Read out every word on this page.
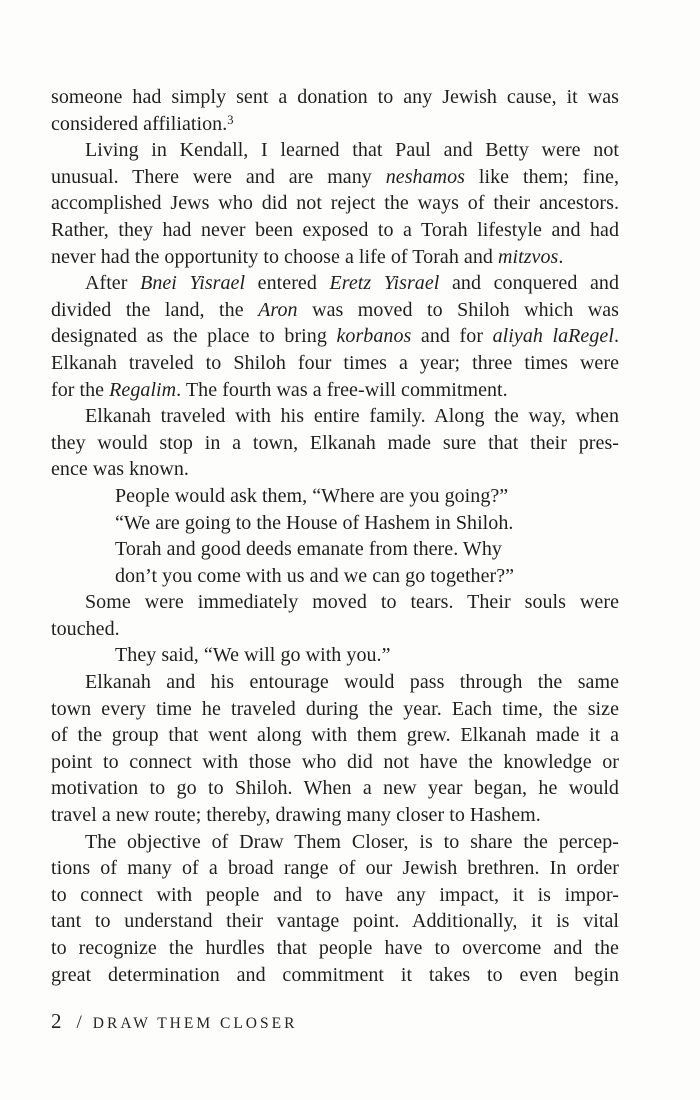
someone had simply sent a donation to any Jewish cause, it was
considered affiliation.$^3$
Living in Kendall, I learned that Paul and Betty were not
unusual. There were and are many neshamos like them; fine,
accomplished Jews who did not reject the ways of their ancestors.
Rather, they had never been exposed to a Torah lifestyle and had
never had the opportunity to choose a life of Torah and mitzvos.
After Bnei Yisrael entered Eretz Yisrael and conquered and
divided the land, the Aron was moved to Shiloh which was
designated as the place to bring korbanos and for aliyah laRegel.
Elkanah traveled to Shiloh four times a year; three times were
for the Regalim. The fourth was a free-will commitment.
Elkanah traveled with his entire family. Along the way, when
they would stop in a town, Elkanah made sure that their pres-
ence was known.
People would ask them, “Where are you going?”
“We are going to the House of Hashem in Shiloh.
Torah and good deeds emanate from there. Why
don’t you come with us and we can go together?”
Some were immediately moved to tears. Their souls were
touched.
They said, “We will go with you.”
Elkanah and his entourage would pass through the same
town every time he traveled during the year. Each time, the size
of the group that went along with them grew. Elkanah made it a
point to connect with those who did not have the knowledge or
motivation to go to Shiloh. When a new year began, he would
travel a new route; thereby, drawing many closer to Hashem.
The objective of Draw Them Closer, is to share the percep-
tions of many of a broad range of our Jewish brethren. In order
to connect with people and to have any impact, it is impor-
tant to understand their vantage point. Additionally, it is vital
to recognize the hurdles that people have to overcome and the
great determination and commitment it takes to even begin
2 / DRAW THEM CLOSER
